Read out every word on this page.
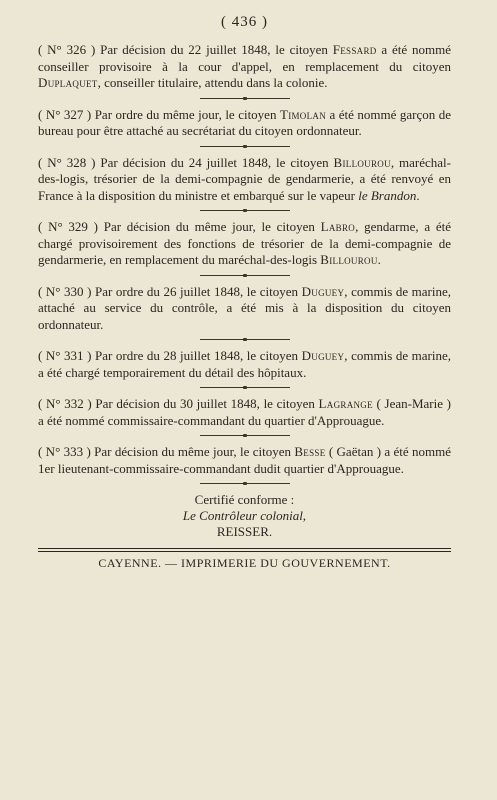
( 436 )

( N° 326 ) Par décision du 22 juillet 1848, le citoyen Fessard a été nommé conseiller provisoire à la cour d'appel, en remplacement du citoyen Duplaquet, conseiller titulaire, attendu dans la colonie.

( N° 327 ) Par ordre du même jour, le citoyen Timolan a été nommé garçon de bureau pour être attaché au secrétariat du citoyen ordonnateur.

( N° 328 ) Par décision du 24 juillet 1848, le citoyen Billourou, maréchal-des-logis, trésorier de la demi-compagnie de gendarmerie, a été renvoyé en France à la disposition du ministre et embarqué sur le vapeur le Brandon.

( N° 329 ) Par décision du même jour, le citoyen Labro, gendarme, a été chargé provisoirement des fonctions de trésorier de la demi-compagnie de gendarmerie, en remplacement du maréchal-des-logis Billourou.

( N° 330 ) Par ordre du 26 juillet 1848, le citoyen Duguey, commis de marine, attaché au service du contrôle, a été mis à la disposition du citoyen ordonnateur.

( N° 331 ) Par ordre du 28 juillet 1848, le citoyen Duguey, commis de marine, a été chargé temporairement du détail des hôpitaux.

( N° 332 ) Par décision du 30 juillet 1848, le citoyen Lagrange ( Jean-Marie ) a été nommé commissaire-commandant du quartier d'Approuague.

( N° 333 ) Par décision du même jour, le citoyen Besse ( Gaëtan ) a été nommé 1er lieutenant-commissaire-commandant dudit quartier d'Approuague.

Certifié conforme :
Le Contrôleur colonial,
REISSER.
CAYENNE. — IMPRIMERIE DU GOUVERNEMENT.
